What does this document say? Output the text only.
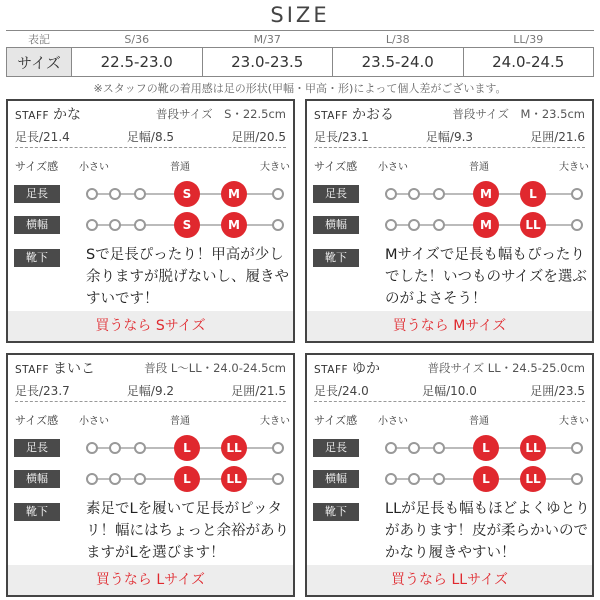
SIZE
表記	S/36	M/37	L/38	LL/39
サイズ	22.5-23.0	23.0-23.5	23.5-24.0	24.0-24.5
※スタッフの靴の着用感は足の形状(甲幅・甲高・形)によって個人差がございます。
STAFF かな	普段サイズ　S・22.5cm
足長/21.4	足幅/8.5	足囲/20.5
サイズ感 小さい	普通	大きい
足長
横幅
靴下	Sで足長ぴったり！甲高が少し余りますが脱げないし、履きやすいです！
買うなら Sサイズ
S	M
S	M
STAFF かおる	普段サイズ　M・23.5cm
足長/23.1	足幅/9.3	足囲/21.6
サイズ感 小さい	普通	大きい
足長
横幅
靴下	Mサイズで足長も幅もぴったりでした！いつものサイズを選ぶのがよさそう！
買うなら Mサイズ
M	L
M	LL
STAFF まいこ	普段 L〜LL・24.0-24.5cm
足長/23.7	足幅/9.2	足囲/21.5
サイズ感 小さい	普通	大きい
足長
横幅
靴下	素足でLを履いて足長がピッタリ！幅にはちょっと余裕がありますがLを選びます！
買うなら Lサイズ
L	LL
L	LL
STAFF ゆか	普段サイズ LL・24.5-25.0cm
足長/24.0	足幅/10.0	足囲/23.5
サイズ感 小さい	普通	大きい
足長
横幅
靴下	LLが足長も幅もほどよくゆとりがあります！皮が柔らかいのでかなり履きやすい！
買うなら LLサイズ
L	LL
L	LL
